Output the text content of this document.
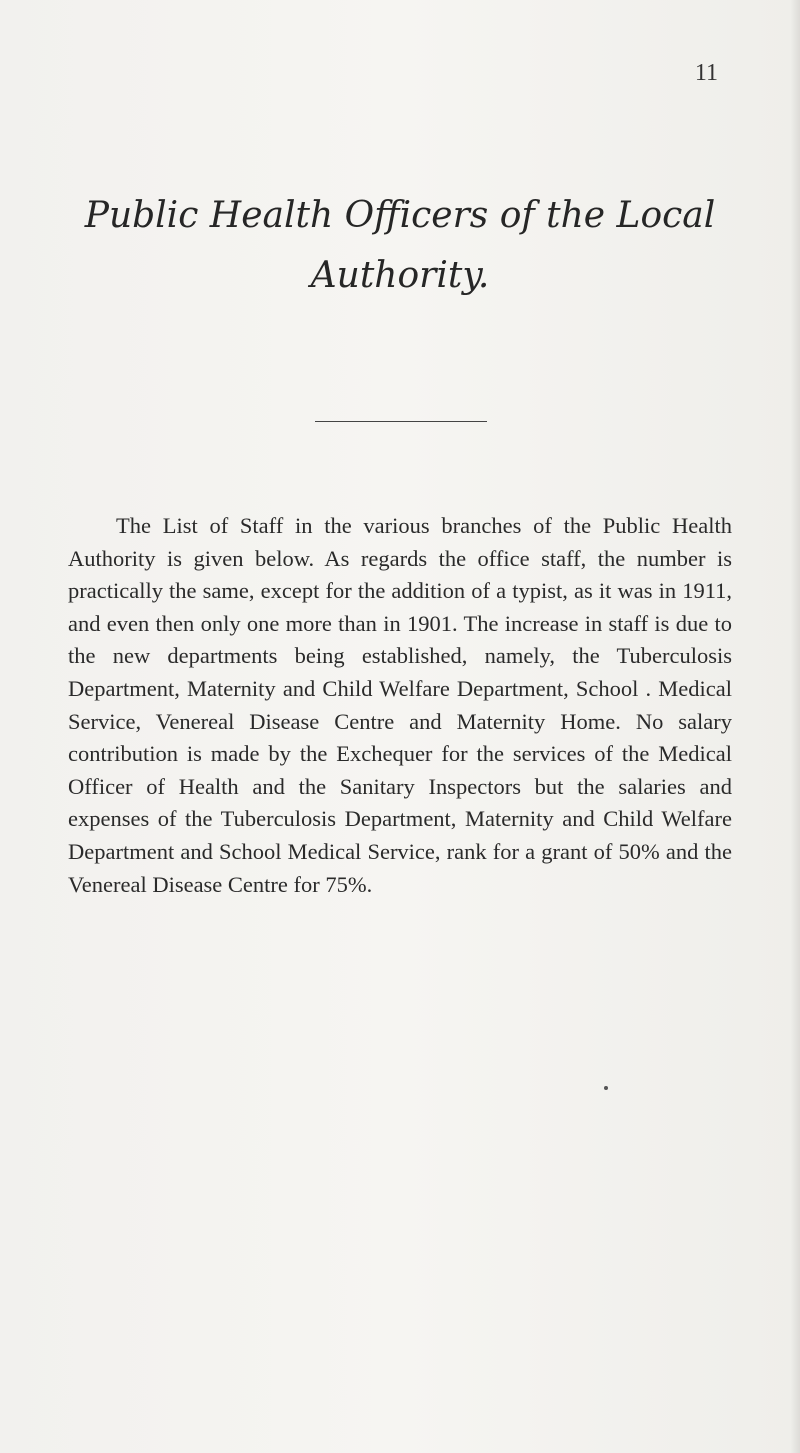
11
Public Health Officers of the Local
Authority.

The List of Staff in the various branches of the Public Health Authority is given below. As regards the office staff, the number is practically the same, except for the addition of a typist, as it was in 1911, and even then only one more than in 1901. The increase in staff is due to the new departments being established, namely, the Tuberculosis Department, Maternity and Child Welfare Department, School . Medical Service, Venereal Disease Centre and Maternity Home. No salary contribution is made by the Exchequer for the services of the Medical Officer of Health and the Sanitary Inspectors but the salaries and expenses of the Tuberculosis Department, Maternity and Child Welfare Department and School Medical Service, rank for a grant of 50% and the Venereal Disease Centre for 75%.
